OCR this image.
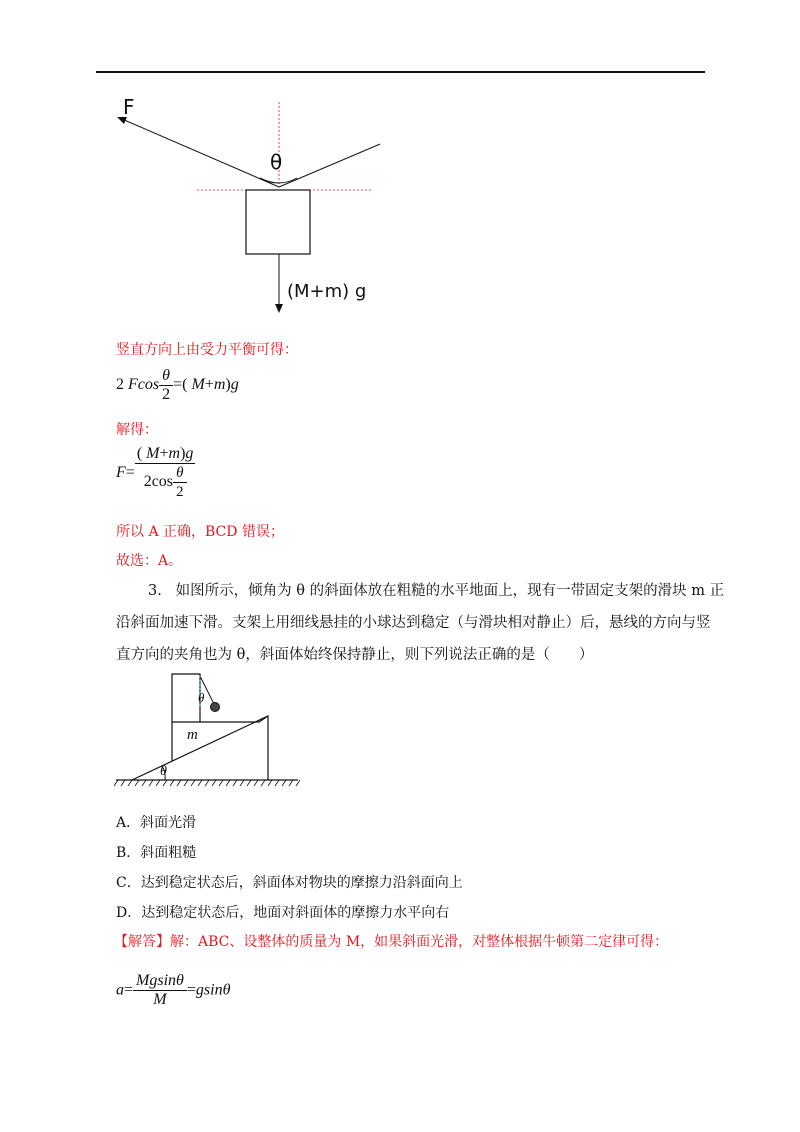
F
θ
(M+m) g
竖直方向上由受力平衡可得：
2 Fcos $\frac{\theta}{2}$ =( M+m)g
解得：
$F= \frac{( M+m)g}{2\cos \frac{\theta}{2}}$
所以 A 正确，BCD 错误；
故选：A。
3. 如图所示，倾角为 θ 的斜面体放在粗糙的水平地面上，现有一带固定支架的滑块 m 正
沿斜面加速下滑。支架上用细线悬挂的小球达到稳定（与滑块相对静止）后，悬线的方向与竖
直方向的夹角也为 θ，斜面体始终保持静止，则下列说法正确的是（　　）
m
θ
θ
A．斜面光滑
B．斜面粗糙
C．达到稳定状态后，斜面体对物块的摩擦力沿斜面向上
D．达到稳定状态后，地面对斜面体的摩擦力水平向右
【解答】解：ABC、设整体的质量为 M，如果斜面光滑，对整体根据牛顿第二定律可得：
$a= \frac{Mgsin\theta}{M} =gsin\theta$
